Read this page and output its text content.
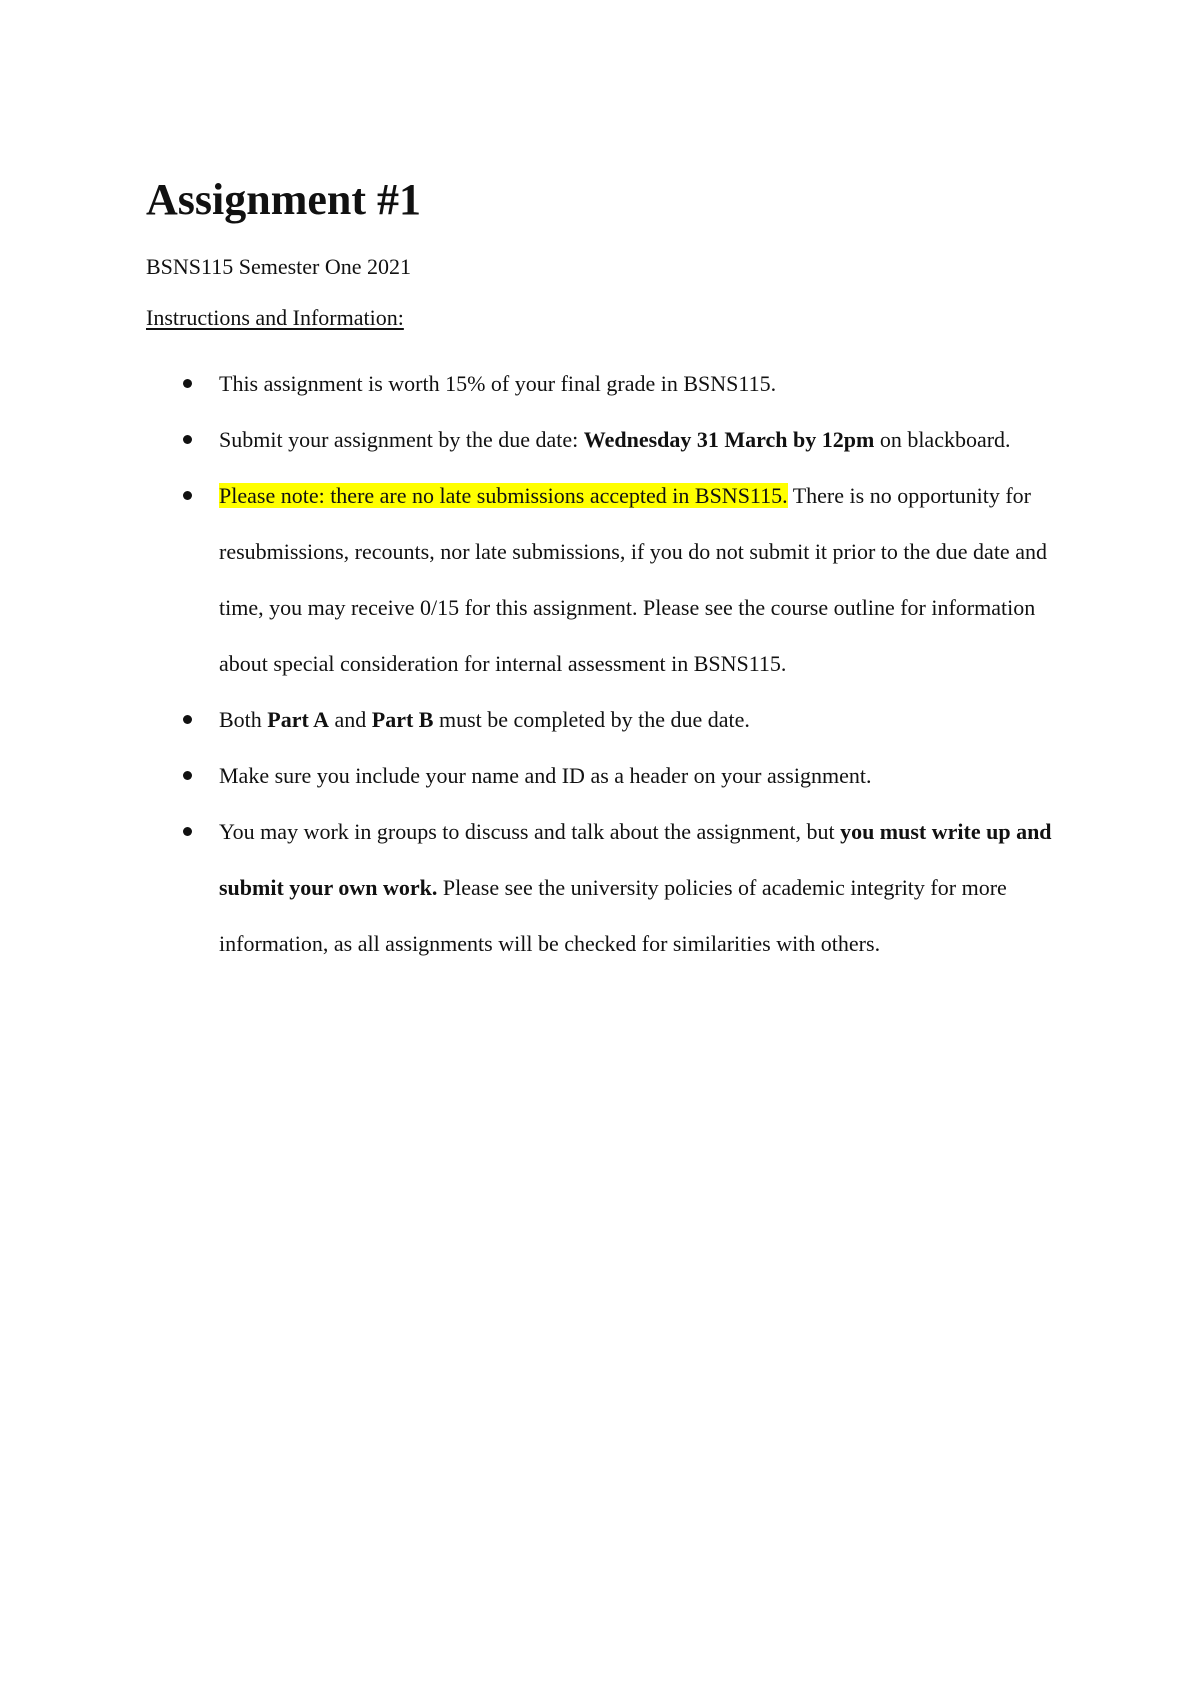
Assignment #1
BSNS115 Semester One 2021
Instructions and Information:
This assignment is worth 15% of your final grade in BSNS115.
Submit your assignment by the due date: Wednesday 31 March by 12pm on blackboard.
Please note: there are no late submissions accepted in BSNS115. There is no opportunity for resubmissions, recounts, nor late submissions, if you do not submit it prior to the due date and time, you may receive 0/15 for this assignment. Please see the course outline for information about special consideration for internal assessment in BSNS115.
Both Part A and Part B must be completed by the due date.
Make sure you include your name and ID as a header on your assignment.
You may work in groups to discuss and talk about the assignment, but you must write up and submit your own work. Please see the university policies of academic integrity for more information, as all assignments will be checked for similarities with others.
